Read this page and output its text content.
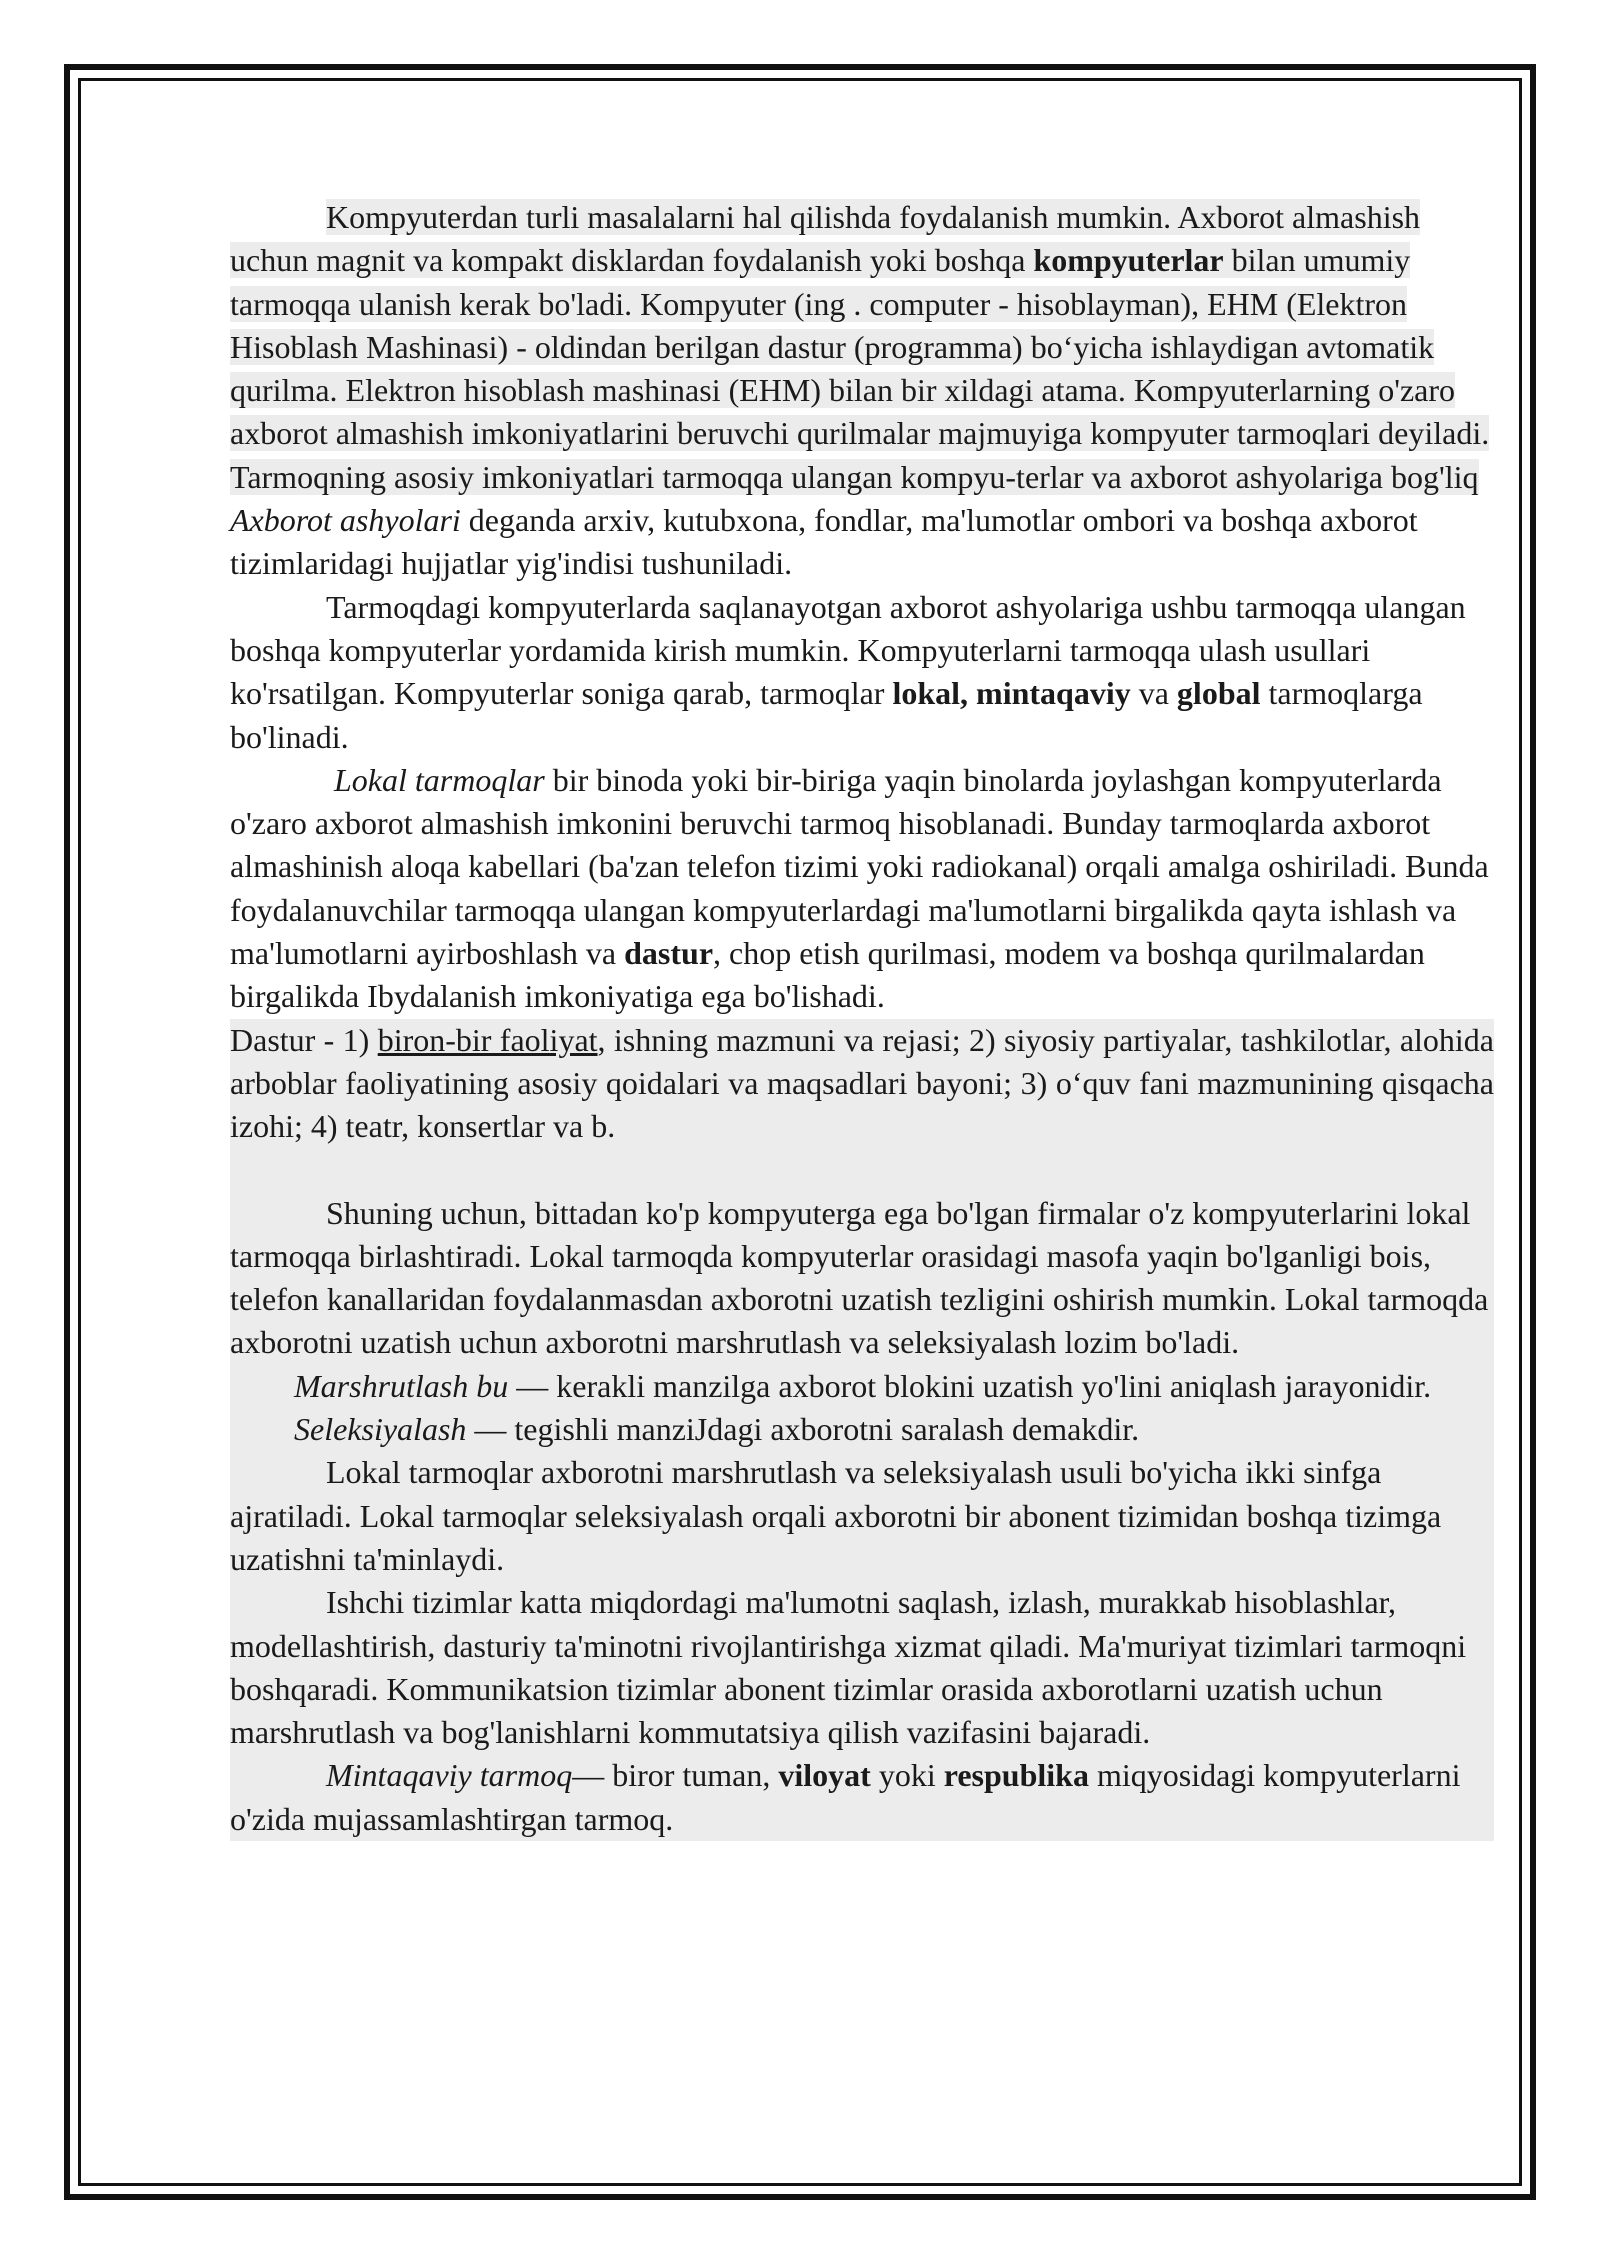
Kompyuterdan turli masalalarni hal qilishda foydalanish mumkin. Axborot almashish uchun magnit va kompakt disklardan foydalanish yoki boshqa kompyuterlar bilan umumiy tarmoqqa ulanish kerak bo'ladi. Kompyuter (ing . computer - hisoblayman), EHM (Elektron Hisoblash Mashinasi) - oldindan berilgan dastur (programma) bo‘yicha ishlaydigan avtomatik qurilma. Elektron hisoblash mashinasi (EHM) bilan bir xildagi atama. Kompyuterlarning o'zaro axborot almashish imkoniyatlarini beruvchi qurilmalar majmuyiga kompyuter tarmoqlari deyiladi. Tarmoqning asosiy imkoniyatlari tarmoqqa ulangan kompyu-terlar va axborot ashyolariga bog'liq

Axborot ashyolari deganda arxiv, kutubxona, fondlar, ma'lumotlar ombori va boshqa axborot tizimlaridagi hujjatlar yig'indisi tushuniladi.

Tarmoqdagi kompyuterlarda saqlanayotgan axborot ashyolariga ushbu tarmoqqa ulangan boshqa kompyuterlar yordamida kirish mumkin. Kompyuterlarni tarmoqqa ulash usullari ko'rsatilgan. Kompyuterlar soniga qarab, tarmoqlar lokal, mintaqaviy va global tarmoqlarga bo'linadi.

Lokal tarmoqlar bir binoda yoki bir-biriga yaqin binolarda joylashgan kompyuterlarda o'zaro axborot almashish imkonini beruvchi tarmoq hisoblanadi. Bunday tarmoqlarda axborot almashinish aloqa kabellari (ba'zan telefon tizimi yoki radiokanal) orqali amalga oshiriladi. Bunda foydalanuvchilar tarmoqqa ulangan kompyuterlardagi ma'lumotlarni birgalikda qayta ishlash va ma'lumotlarni ayirboshlash va dastur, chop etish qurilmasi, modem va boshqa qurilmalardan birgalikda Ibydalanish imkoniyatiga ega bo'lishadi.

Dastur - 1) biron-bir faoliyat, ishning mazmuni va rejasi; 2) siyosiy partiyalar, tashkilotlar, alohida arboblar faoliyatining asosiy qoidalari va maqsadlari bayoni; 3) o‘quv fani mazmunining qisqacha izohi; 4) teatr, konsertlar va b.

Shuning uchun, bittadan ko'p kompyuterga ega bo'lgan firmalar o'z kompyuterlarini lokal tarmoqqa birlashtiradi. Lokal tarmoqda kompyuterlar orasidagi masofa yaqin bo'lganligi bois, telefon kanallaridan foydalanmasdan axborotni uzatish tezligini oshirish mumkin. Lokal tarmoqda axborotni uzatish uchun axborotni marshrutlash va seleksiyalash lozim bo'ladi.

Marshrutlash bu — kerakli manzilga axborot blokini uzatish yo'lini aniqlash jarayonidir.

Seleksiyalash — tegishli manziJdagi axborotni saralash demakdir.

Lokal tarmoqlar axborotni marshrutlash va seleksiyalash usuli bo'yicha ikki sinfga ajratiladi. Lokal tarmoqlar seleksiyalash orqali axborotni bir abonent tizimidan boshqa tizimga uzatishni ta'minlaydi.

Ishchi tizimlar katta miqdordagi ma'lumotni saqlash, izlash, murakkab hisoblashlar, modellashtirish, dasturiy ta'minotni rivojlantirishga xizmat qiladi. Ma'muriyat tizimlari tarmoqni boshqaradi. Kommunikatsion tizimlar abonent tizimlar orasida axborotlarni uzatish uchun marshrutlash va bog'lanishlarni kommutatsiya qilish vazifasini bajaradi.

Mintaqaviy tarmoq— biror tuman, viloyat yoki respublika miqyosidagi kompyuterlarni o'zida mujassamlashtirgan tarmoq.
